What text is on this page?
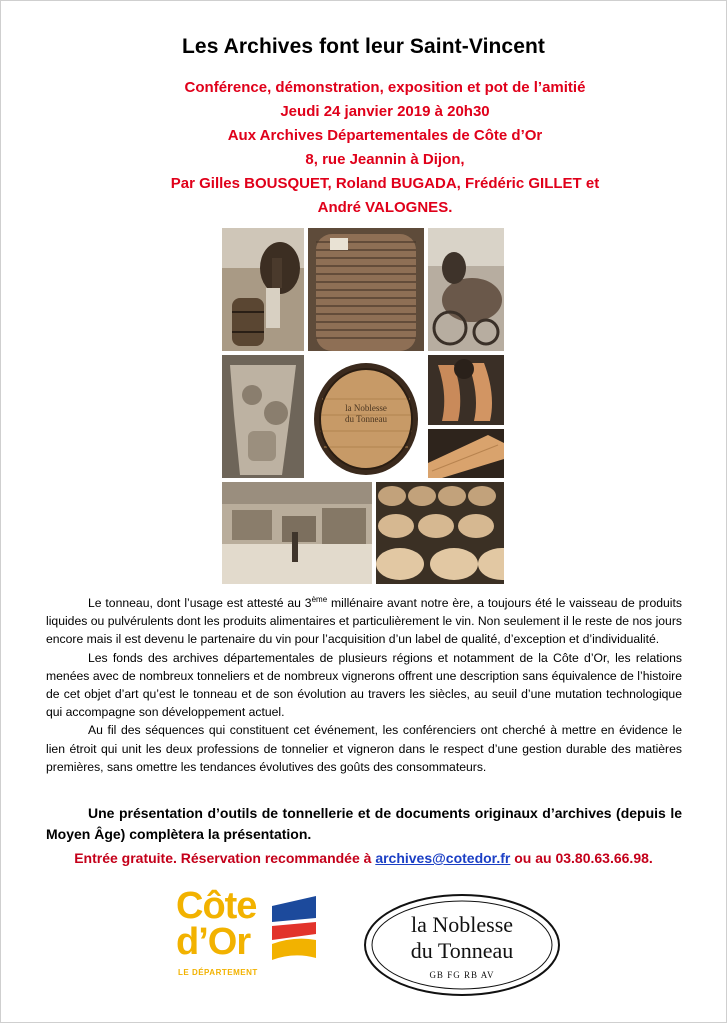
Les Archives font leur Saint-Vincent
Conférence, démonstration, exposition et pot de l’amitié
Jeudi 24 janvier 2019 à 20h30
Aux Archives Départementales de Côte d’Or
8, rue Jeannin à Dijon,
Par Gilles BOUSQUET, Roland BUGADA, Frédéric GILLET et
André VALOGNES.
la Noblesse
du Tonneau

Le tonneau, dont l’usage est attesté au 3ème millénaire avant notre ère, a toujours été le vaisseau de produits liquides ou pulvérulents dont les produits alimentaires et particulièrement le vin. Non seulement il le reste de nos jours encore mais il est devenu le partenaire du vin pour l’acquisition d’un label de qualité, d’exception et d’individualité.

Les fonds des archives départementales de plusieurs régions et notamment de la Côte d’Or, les relations menées avec de nombreux tonneliers et de nombreux vignerons offrent une description sans équivalence de l’histoire de cet objet d’art qu’est le tonneau et de son évolution au travers les siècles, au seuil d’une mutation technologique qui accompagne son développement actuel.

Au fil des séquences qui constituent cet événement, les conférenciers ont cherché à mettre en évidence le lien étroit qui unit les deux professions de tonnelier et vigneron dans le respect d’une gestion durable des matières premières, sans omettre les tendances évolutives des goûts des consommateurs.

Une présentation d’outils de tonnellerie et de documents originaux d’archives (depuis le Moyen Âge) complètera la présentation.
Entrée gratuite. Réservation recommandée à archives@cotedor.fr ou au 03.80.63.66.98.
Côte
d’Or
LE DÉPARTEMENT
la Noblesse
du Tonneau
GB FG RB AV
